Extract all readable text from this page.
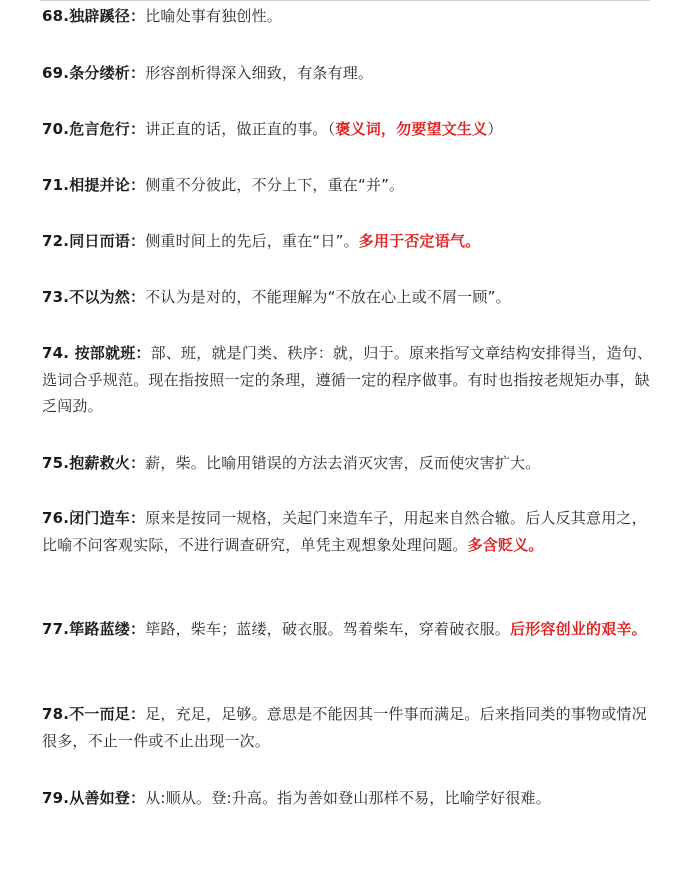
68.独辟蹊径：比喻处事有独创性。
69.条分缕析：形容剖析得深入细致，有条有理。
70.危言危行：讲正直的话，做正直的事。（褒义词，勿要望文生义）
71.相提并论：侧重不分彼此，不分上下，重在“并”。
72.同日而语：侧重时间上的先后，重在“日”。多用于否定语气。
73.不以为然：不认为是对的，不能理解为“不放在心上或不屑一顾”。
74. 按部就班：部、班，就是门类、秩序：就，归于。原来指写文章结构安排得当，造句、选词合乎规范。现在指按照一定的条理，遵循一定的程序做事。有时也指按老规矩办事，缺乏闯劲。
75.抱薪救火：薪，柴。比喻用错误的方法去消灭灾害，反而使灾害扩大。
76.闭门造车：原来是按同一规格，关起门来造车子，用起来自然合辙。后人反其意用之，比喻不问客观实际，不进行调查研究，单凭主观想象处理问题。多含贬义。
77.筚路蓝缕：筚路，柴车；蓝缕，破衣服。驾着柴车，穿着破衣服。后形容创业的艰辛。
78.不一而足：足，充足，足够。意思是不能因其一件事而满足。后来指同类的事物或情况很多，不止一件或不止出现一次。
79.从善如登：从:顺从。登:升高。指为善如登山那样不易，比喻学好很难。
